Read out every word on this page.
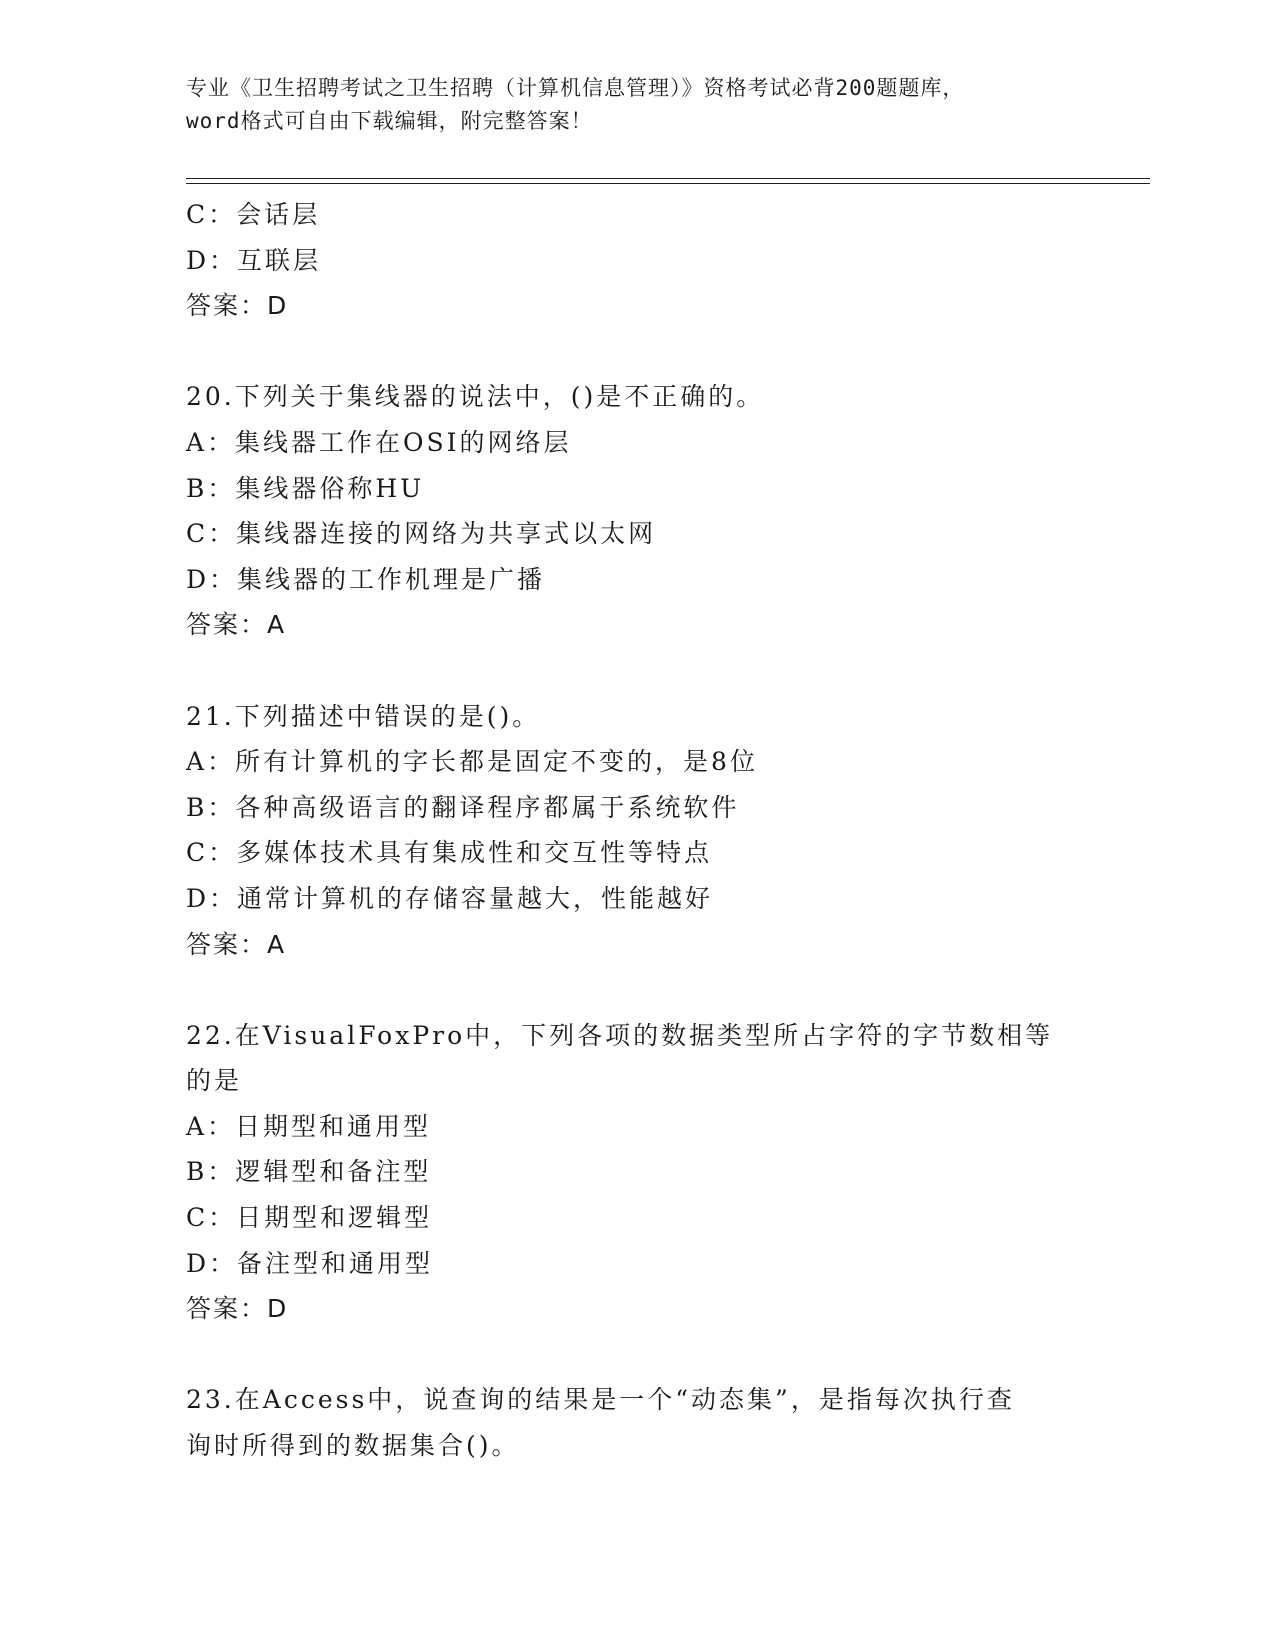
专业《卫生招聘考试之卫生招聘（计算机信息管理）》资格考试必背200题题库，
word格式可自由下载编辑，附完整答案！
C：会话层
D：互联层
答案：D
20.下列关于集线器的说法中，()是不正确的。
A：集线器工作在OSI的网络层
B：集线器俗称HU
C：集线器连接的网络为共享式以太网
D：集线器的工作机理是广播
答案：A
21.下列描述中错误的是()。
A：所有计算机的字长都是固定不变的，是8位
B：各种高级语言的翻译程序都属于系统软件
C：多媒体技术具有集成性和交互性等特点
D：通常计算机的存储容量越大，性能越好
答案：A
22.在VisualFoxPro中，下列各项的数据类型所占字符的字节数相等
的是
A：日期型和通用型
B：逻辑型和备注型
C：日期型和逻辑型
D：备注型和通用型
答案：D
23.在Access中，说查询的结果是一个“动态集”，是指每次执行查
询时所得到的数据集合()。
